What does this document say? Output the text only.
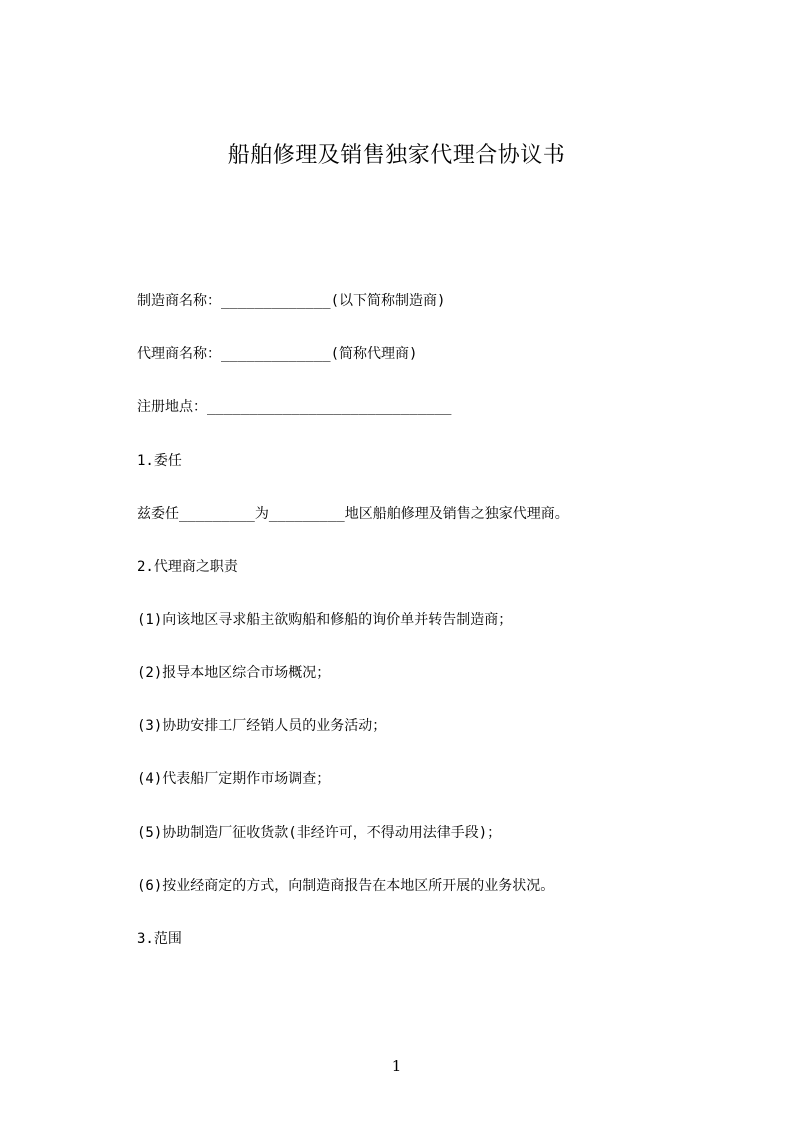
船舶修理及销售独家代理合协议书
制造商名称：_____________(以下简称制造商)
代理商名称：_____________(简称代理商)
注册地点：_____________________________
1.委任
兹委任_________为_________地区船舶修理及销售之独家代理商。
2.代理商之职责
(1)向该地区寻求船主欲购船和修船的询价单并转告制造商；
(2)报导本地区综合市场概况；
(3)协助安排工厂经销人员的业务活动；
(4)代表船厂定期作市场调查；
(5)协助制造厂征收货款(非经许可，不得动用法律手段)；
(6)按业经商定的方式，向制造商报告在本地区所开展的业务状况。
3.范围
1
